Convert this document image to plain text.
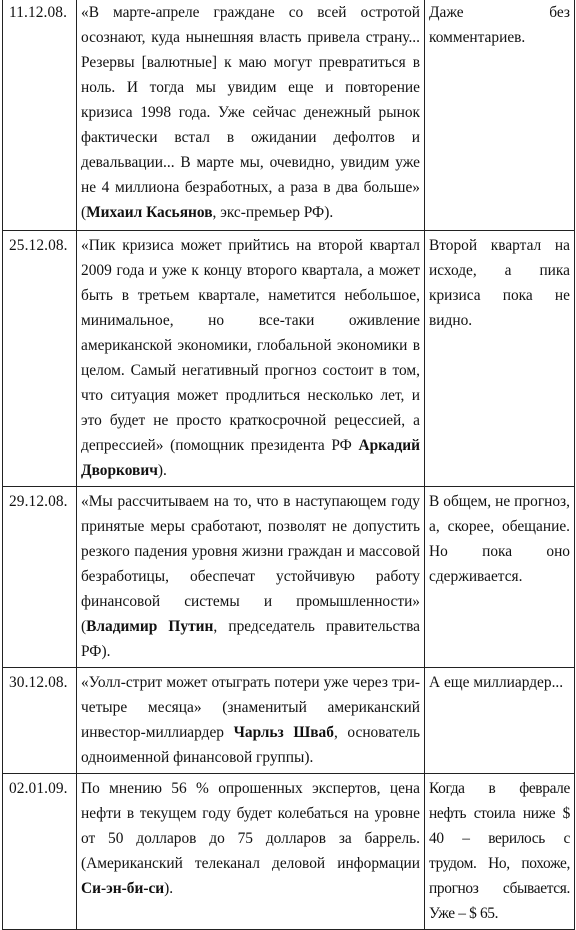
11.12.08.	«В марте-апреле граждане со всей остротой осознают, куда нынешняя власть привела страну... Резервы [валютные] к маю могут превратиться в ноль. И тогда мы увидим еще и повторение кризиса 1998 года. Уже сейчас денежный рынок фактически встал в ожидании дефолтов и девальвации... В марте мы, очевидно, увидим уже не 4 миллиона безработных, а раза в два больше» (Михаил Касьянов, экс-премьер РФ).	Даже без комментариев.
25.12.08.	«Пик кризиса может прийтись на второй квартал 2009 года и уже к концу второго квартала, а может быть в третьем квартале, наметится небольшое, минимальное, но все-таки оживление американской экономики, глобальной экономики в целом. Самый негативный прогноз состоит в том, что ситуация может продлиться несколько лет, и это будет не просто краткосрочной рецессией, а депрессией» (помощник президента РФ Аркадий Дворкович).	Второй квартал на исходе, а пика кризиса пока не видно.
29.12.08.	«Мы рассчитываем на то, что в наступающем году принятые меры сработают, позволят не допустить резкого падения уровня жизни граждан и массовой безработицы, обеспечат устойчивую работу финансовой системы и промышленности» (Владимир Путин, председатель правительства РФ).	В общем, не прогноз, а, скорее, обещание. Но пока оно сдерживается.
30.12.08.	«Уолл-стрит может отыграть потери уже через три-четыре месяца» (знаменитый американский инвестор-миллиардер Чарльз Шваб, основатель одноименной финансовой группы).	А еще миллиардер...
02.01.09.	По мнению 56 % опрошенных экспертов, цена нефти в текущем году будет колебаться на уровне от 50 долларов до 75 долларов за баррель. (Американский телеканал деловой информации Си-эн-би-си).	Когда в феврале нефть стоила ниже $ 40 – верилось с трудом. Но, похоже, прогноз сбывается. Уже – $ 65.
